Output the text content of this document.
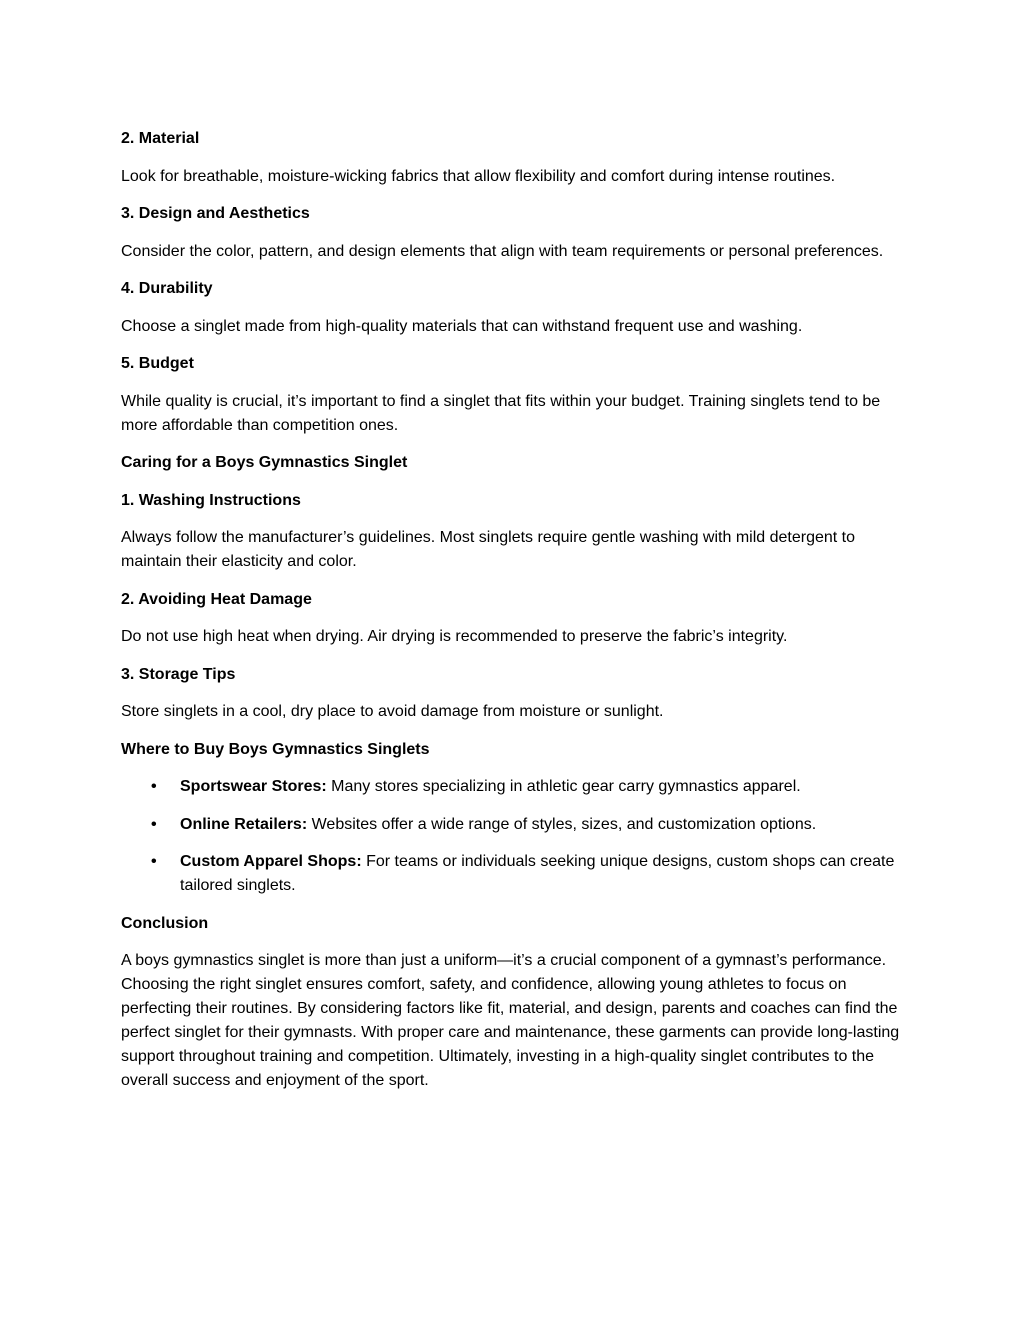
2. Material
Look for breathable, moisture-wicking fabrics that allow flexibility and comfort during intense routines.
3. Design and Aesthetics
Consider the color, pattern, and design elements that align with team requirements or personal preferences.
4. Durability
Choose a singlet made from high-quality materials that can withstand frequent use and washing.
5. Budget
While quality is crucial, it’s important to find a singlet that fits within your budget. Training singlets tend to be more affordable than competition ones.
Caring for a Boys Gymnastics Singlet
1. Washing Instructions
Always follow the manufacturer’s guidelines. Most singlets require gentle washing with mild detergent to maintain their elasticity and color.
2. Avoiding Heat Damage
Do not use high heat when drying. Air drying is recommended to preserve the fabric’s integrity.
3. Storage Tips
Store singlets in a cool, dry place to avoid damage from moisture or sunlight.
Where to Buy Boys Gymnastics Singlets
• Sportswear Stores: Many stores specializing in athletic gear carry gymnastics apparel.
• Online Retailers: Websites offer a wide range of styles, sizes, and customization options.
• Custom Apparel Shops: For teams or individuals seeking unique designs, custom shops can create tailored singlets.
Conclusion
A boys gymnastics singlet is more than just a uniform—it’s a crucial component of a gymnast’s performance. Choosing the right singlet ensures comfort, safety, and confidence, allowing young athletes to focus on perfecting their routines. By considering factors like fit, material, and design, parents and coaches can find the perfect singlet for their gymnasts. With proper care and maintenance, these garments can provide long-lasting support throughout training and competition. Ultimately, investing in a high-quality singlet contributes to the overall success and enjoyment of the sport.
